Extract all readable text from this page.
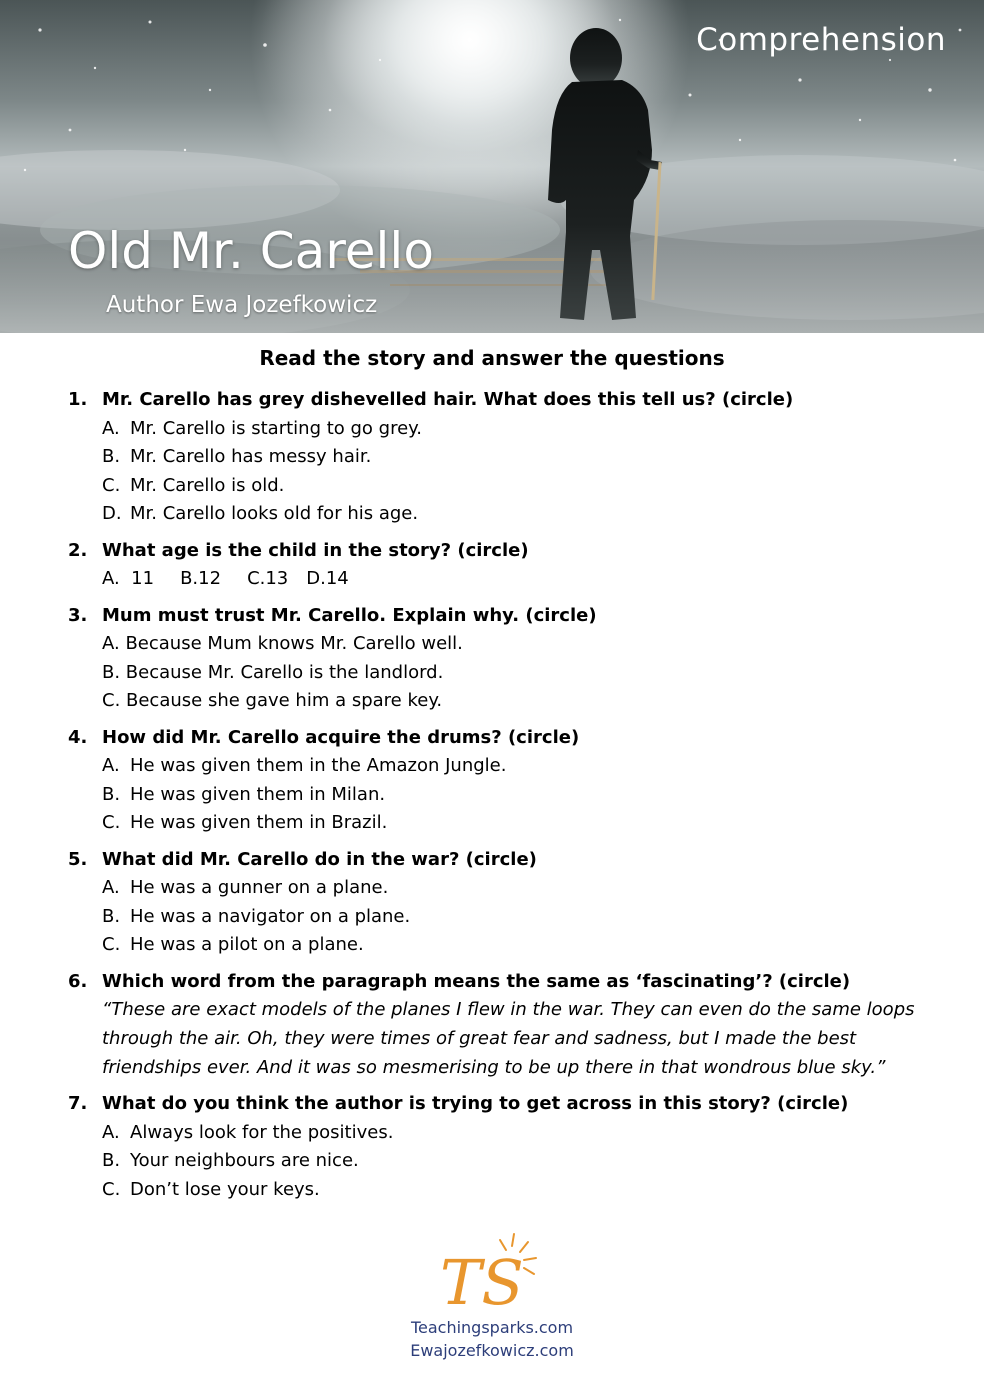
Comprehension
Old Mr. Carello
Author Ewa Jozefkowicz
Read the story and answer the questions
1. Mr. Carello has grey dishevelled hair. What does this tell us? (circle)
A. Mr. Carello is starting to go grey.
B. Mr. Carello has messy hair.
C. Mr. Carello is old.
D. Mr. Carello looks old for his age.
2. What age is the child in the story? (circle)
A.  11 B.12 C.13 D.14
3. Mum must trust Mr. Carello. Explain why. (circle)
A. Because Mum knows Mr. Carello well.
B. Because Mr. Carello is the landlord.
C. Because she gave him a spare key.
4. How did Mr. Carello acquire the drums? (circle)
A. He was given them in the Amazon Jungle.
B. He was given them in Milan.
C. He was given them in Brazil.
5. What did Mr. Carello do in the war? (circle)
A. He was a gunner on a plane.
B. He was a navigator on a plane.
C. He was a pilot on a plane.
6. Which word from the paragraph means the same as ‘fascinating’? (circle)
“These are exact models of the planes I flew in the war. They can even do the same loops through the air. Oh, they were times of great fear and sadness, but I made the best friendships ever. And it was so mesmerising to be up there in that wondrous blue sky.”
7. What do you think the author is trying to get across in this story? (circle)
A. Always look for the positives.
B. Your neighbours are nice.
C. Don’t lose your keys.
TS
Teachingsparks.com
Ewajozefkowicz.com
